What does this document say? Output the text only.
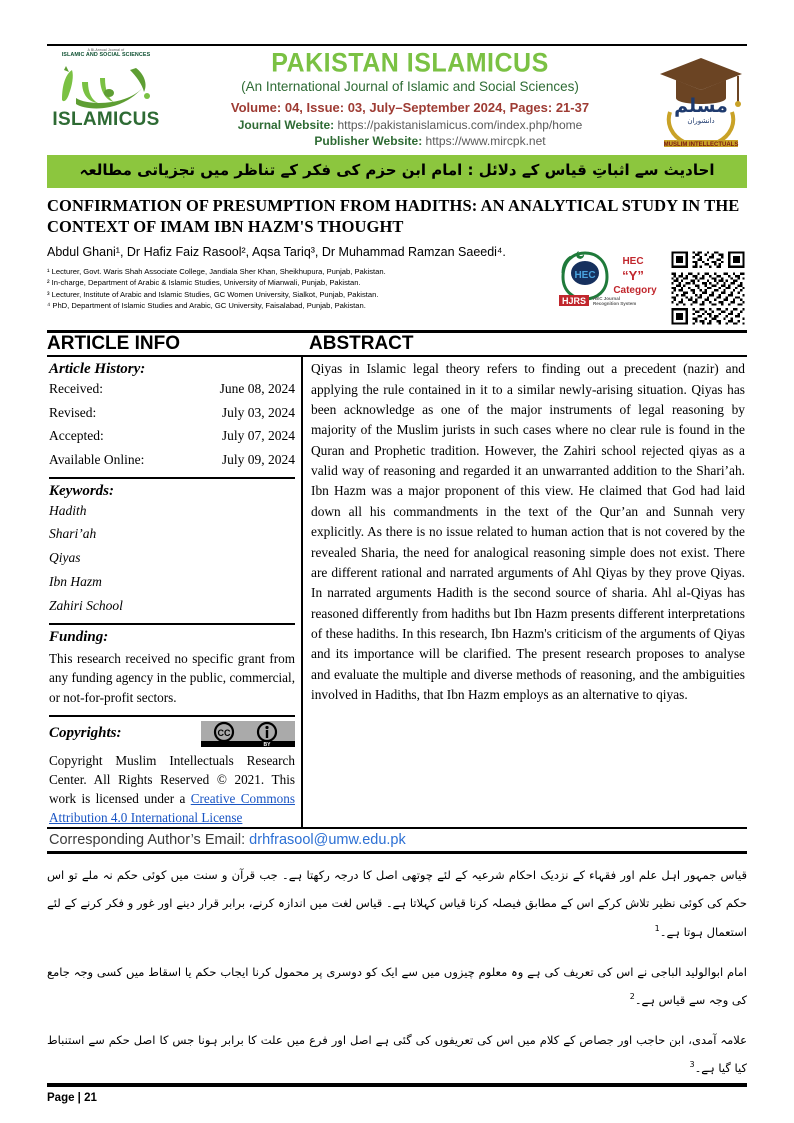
A Bi-Annual Journal of
ISLAMIC AND SOCIAL SCIENCES
ISLAMICUS
PAKISTAN ISLAMICUS
(An International Journal of Islamic and Social Sciences)
Volume: 04, Issue: 03, July–September 2024, Pages: 21-37
Journal Website: https://pakistanislamicus.com/index.php/home
Publisher Website: https://www.mircpk.net
مسلم
دانشوران
MUSLIM INTELLECTUALS
احادیث سے اثباتِ قیاس کے دلائل : امام ابن حزم کی فکر کے تناظر میں تجزیاتی مطالعہ
CONFIRMATION OF PRESUMPTION FROM HADITHS: AN ANALYTICAL STUDY IN THE CONTEXT OF IMAM IBN HAZM'S THOUGHT
Abdul Ghani¹, Dr Hafiz Faiz Rasool², Aqsa Tariq³, Dr Muhammad Ramzan Saeedi⁴.
¹ Lecturer, Govt. Waris Shah Associate College, Jandiala Sher Khan, Sheikhupura, Punjab, Pakistan.
² In-charge, Department of Arabic & Islamic Studies, University of Mianwali, Punjab, Pakistan.
³ Lecturer, Institute of Arabic and Islamic Studies, GC Women University, Sialkot, Punjab, Pakistan.
⁴ PhD, Department of Islamic Studies and Arabic, GC University, Faisalabad, Punjab, Pakistan.
HEC
HEC
“Y”
Category
HJRS HEC Journal
Recognition System
ARTICLE INFO	ABSTRACT
Article History:
Received:	June 08, 2024
Revised:	July 03, 2024
Accepted:	July 07, 2024
Available Online:	July 09, 2024
Keywords:
Hadith
Shari’ah
Qiyas
Ibn Hazm
Zahiri School
Funding:

This research received no specific grant from any funding agency in the public, commercial, or not-for-profit sectors.

Copyrights:	CC
BY

Copyright Muslim Intellectuals Research Center. All Rights Reserved © 2021. This work is licensed under a Creative Commons Attribution 4.0 International License

Qiyas in Islamic legal theory refers to finding out a precedent (nazir) and applying the rule contained in it to a similar newly-arising situation. Qiyas has been acknowledge as one of the major instruments of legal reasoning by majority of the Muslim jurists in such cases where no clear rule is found in the Quran and Prophetic tradition. However, the Zahiri school rejected qiyas as a valid way of reasoning and regarded it an unwarranted addition to the Shari’ah. Ibn Hazm was a major proponent of this view. He claimed that God had laid down all his commandments in the text of the Qur’an and Sunnah very explicitly. As there is no issue related to human action that is not covered by the revealed Sharia, the need for analogical reasoning simple does not exist. There are different rational and narrated arguments of Ahl Qiyas by they prove Qiyas. In narrated arguments Hadith is the second source of sharia. Ahl al-Qiyas has reasoned differently from hadiths but Ibn Hazm presents different interpretations of these hadiths. In this research, Ibn Hazm's criticism of the arguments of Qiyas and its importance will be clarified. The present research proposes to analyse and evaluate the multiple and diverse methods of reasoning, and the ambiguities involved in Hadiths, that Ibn Hazm employs as an alternative to qiyas.

Corresponding Author’s Email: drhfrasool@umw.edu.pk

قیاس جمہور اہل علم اور فقہاء کے نزدیک احکام شرعیہ کے لئے چوتھی اصل کا درجہ رکھتا ہے۔ جب قرآن و سنت میں کوئی حکم نہ ملے تو اس حکم کی کوئی نظیر تلاش کرکے اس کے مطابق فیصلہ کرنا قیاس کہلاتا ہے۔ قیاس لغت میں اندازہ کرنے، برابر قرار دینے اور غور و فکر کرنے کے لئے استعمال ہوتا ہے۔$^1$

امام ابوالولید الباجی نے اس کی تعریف کی ہے وہ معلوم چیزوں میں سے ایک کو دوسری پر محمول کرنا ایجاب حکم یا اسقاط میں کسی وجہ جامع کی وجہ سے قیاس ہے۔$^2$

علامہ آمدی، ابن حاجب اور جصاص کے کلام میں اس کی تعریفوں کی گئی ہے اصل اور فرع میں علت کا برابر ہونا جس کا اصل حکم سے استنباط کیا گیا ہے۔$^3$

Page | 21
